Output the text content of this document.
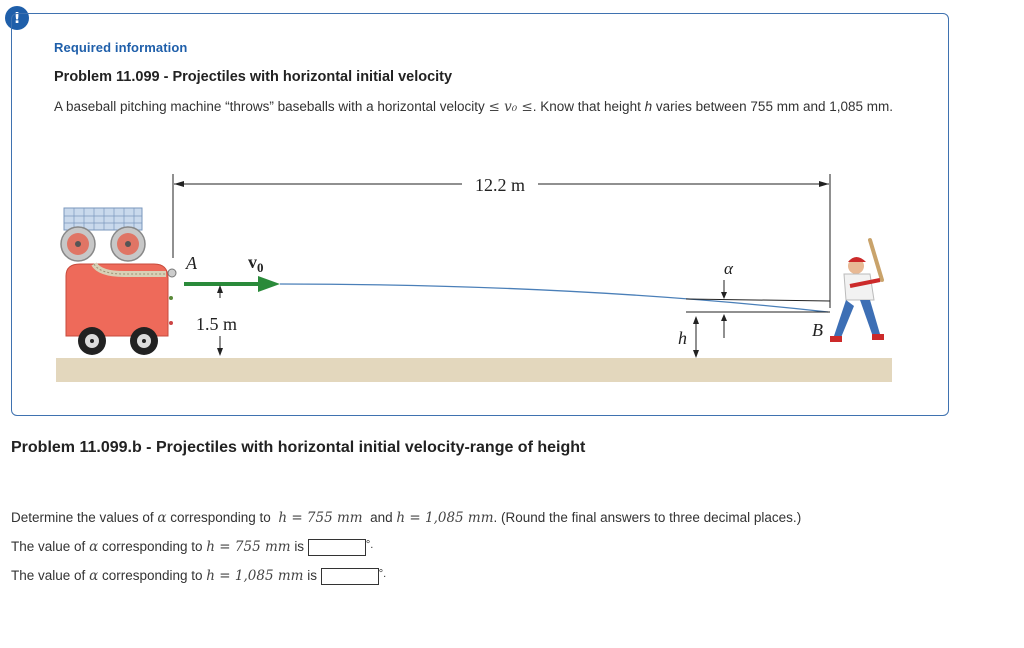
!
Required information
Problem 11.099 - Projectiles with horizontal initial velocity
A baseball pitching machine “throws” baseballs with a horizontal velocity ≤ v₀ ≤. Know that height h varies between 755 mm and 1,085 mm.
12.2 m
A	$v_0$
1.5 m
α
h	B
Problem 11.099.b - Projectiles with horizontal initial velocity-range of height
Determine the values of α corresponding to h = 755 mm and h = 1,085 mm. (Round the final answers to three decimal places.)
The value of α corresponding to h = 755 mm is	°.
The value of α corresponding to h = 1,085 mm is	°.
